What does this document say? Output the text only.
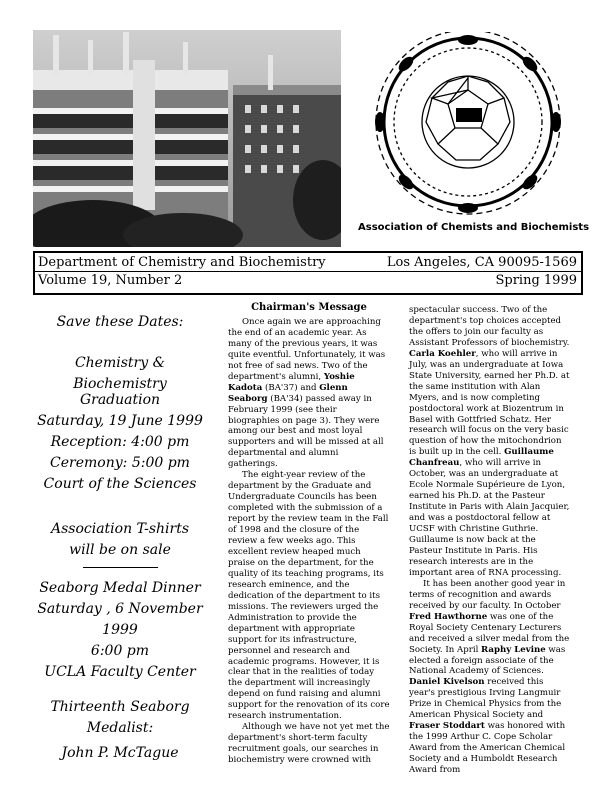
Association of Chemists and Biochemists
Department of Chemistry and Biochemistry	Los Angeles, CA 90095-1569
Volume 19, Number 2	Spring 1999

Save these Dates:

Chemistry & Biochemistry

Graduation

Saturday, 19 June 1999

Reception: 4:00 pm

Ceremony: 5:00 pm

Court of the Sciences

Association T-shirts

will be on sale

Seaborg Medal Dinner

Saturday , 6 November

1999

6:00 pm

UCLA Faculty Center

Thirteenth Seaborg

Medalist:

John P. McTague

Chairman's Message

Once again we are approaching the end of an academic year. As many of the previous years, it was quite eventful. Unfortunately, it was not free of sad news. Two of the department's alumni, Yoshie Kadota (BA'37) and Glenn Seaborg (BA'34) passed away in February 1999 (see their biographies on page 3). They were among our best and most loyal supporters and will be missed at all departmental and alumni gatherings.

The eight-year review of the department by the Graduate and Undergraduate Councils has been completed with the submission of a report by the review team in the Fall of 1998 and the closure of the review a few weeks ago. This excellent review heaped much praise on the department, for the quality of its teaching programs, its research eminence, and the dedication of the department to its missions. The reviewers urged the Administration to provide the department with appropriate support for its infrastructure, personnel and research and academic programs. However, it is clear that in the realities of today the department will increasingly depend on fund raising and alumni support for the renovation of its core research instrumentation.

Although we have not yet met the department's short-term faculty recruitment goals, our searches in biochemistry were crowned with

spectacular success. Two of the department's top choices accepted the offers to join our faculty as Assistant Professors of biochemistry. Carla Koehler, who will arrive in July, was an undergraduate at Iowa State University, earned her Ph.D. at the same institution with Alan Myers, and is now completing postdoctoral work at Biozentrum in Basel with Gottfried Schatz. Her research will focus on the very basic question of how the mitochondrion is built up in the cell. Guillaume Chanfreau, who will arrive in October, was an undergraduate at Ecole Normale Supérieure de Lyon, earned his Ph.D. at the Pasteur Institute in Paris with Alain Jacquier, and was a postdoctoral fellow at UCSF with Christine Guthrie. Guillaume is now back at the Pasteur Institute in Paris. His research interests are in the important area of RNA processing.

It has been another good year in terms of recognition and awards received by our faculty. In October Fred Hawthorne was one of the Royal Society Centenary Lecturers and received a silver medal from the Society. In April Raphy Levine was elected a foreign associate of the National Academy of Sciences. Daniel Kivelson received this year's prestigious Irving Langmuir Prize in Chemical Physics from the American Physical Society and Fraser Stoddart was honored with the 1999 Arthur C. Cope Scholar Award from the American Chemical Society and a Humboldt Research Award from
